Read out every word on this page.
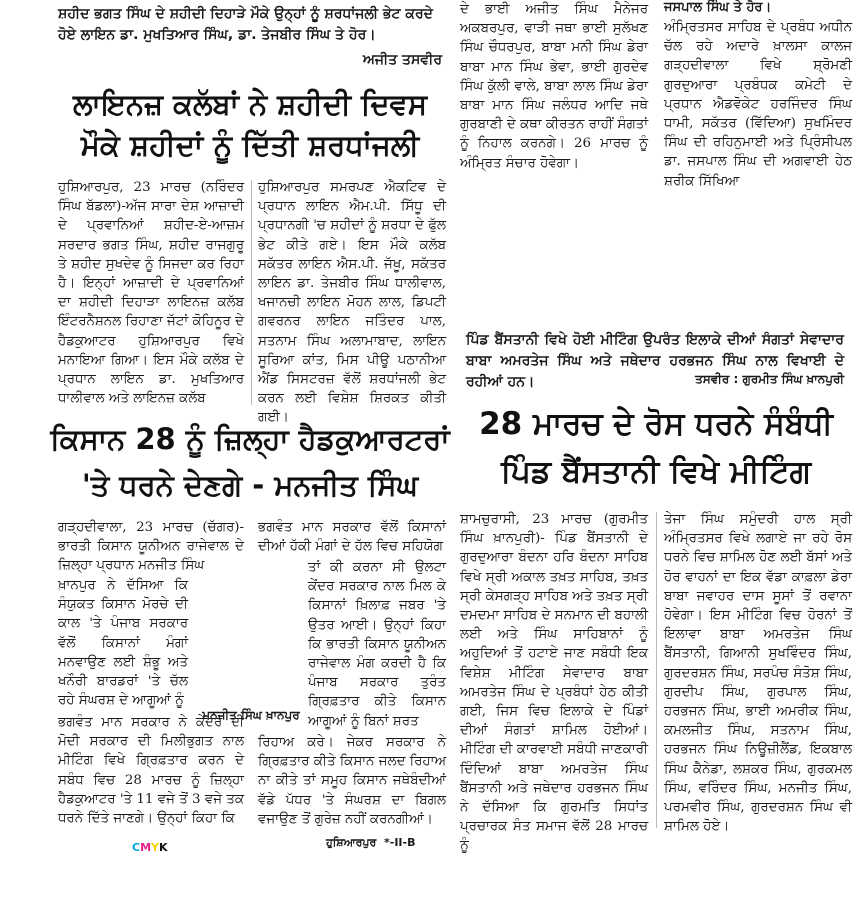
ਸ਼ਹੀਦ ਭਗਤ ਸਿੰਘ ਦੇ ਸ਼ਹੀਦੀ ਦਿਹਾੜੇ ਮੌਕੇ ਉਨ੍ਹਾਂ ਨੂੰ ਸ਼ਰਧਾਂਜਲੀ ਭੇਟ ਕਰਦੇ ਹੋਏ ਲਾਇਨ ਡਾ. ਮੁਖਤਿਆਰ ਸਿੰਘ, ਡਾ. ਤੇਜਬੀਰ ਸਿੰਘ ਤੇ ਹੋਰ।
ਅਜੀਤ ਤਸਵੀਰ
ਦੇ ਭਾਈ ਅਜੀਤ ਸਿੰਘ ਮੈਨੇਜਰ ਅਕਬਰਪੁਰ, ਵਾੜੀ ਜਥਾ ਭਾਈ ਸੁਲੱਖਣ ਸਿੰਘ ਚੌਧਰਪੁਰ, ਬਾਬਾ ਮਨੀ ਸਿੰਘ ਡੇਰਾ ਬਾਬਾ ਮਾਨ ਸਿੰਘ ਭੇਵਾ, ਭਾਈ ਗੁਰਦੇਵ ਸਿੰਘ ਕੁੱਲੀ ਵਾਲੇ, ਬਾਬਾ ਲਾਲ ਸਿੰਘ ਡੇਰਾ ਬਾਬਾ ਮਾਨ ਸਿੰਘ ਜਲੰਧਰ ਆਦਿ ਜਥੇ ਗੁਰਬਾਣੀ ਦੇ ਕਥਾ ਕੀਰਤਨ ਰਾਹੀਂ ਸੰਗਤਾਂ ਨੂੰ ਨਿਹਾਲ ਕਰਨਗੇ। 26 ਮਾਰਚ ਨੂੰ ਅੰਮ੍ਰਿਤ ਸੰਚਾਰ ਹੋਵੇਗਾ।
ਜਸਪਾਲ ਸਿੰਘ ਤੇ ਹੋਰ।
ਅੰਮ੍ਰਿਤਸਰ ਸਾਹਿਬ ਦੇ ਪ੍ਰਬੰਧ ਅਧੀਨ ਚੱਲ ਰਹੇ ਅਦਾਰੇ ਖ਼ਾਲਸਾ ਕਾਲਜ ਗੜ੍ਹਦੀਵਾਲਾ ਵਿਖੇ ਸ਼੍ਰੋਮਣੀ ਗੁਰਦੁਆਰਾ ਪ੍ਰਬੰਧਕ ਕਮੇਟੀ ਦੇ ਪ੍ਰਧਾਨ ਐਡਵੋਕੇਟ ਹਰਜਿੰਦਰ ਸਿੰਘ ਧਾਮੀ, ਸਕੱਤਰ (ਵਿੱਦਿਆ) ਸੁਖਮਿੰਦਰ ਸਿੰਘ ਦੀ ਰਹਿਨੁਮਾਈ ਅਤੇ ਪ੍ਰਿੰਸੀਪਲ ਡਾ. ਜਸਪਾਲ ਸਿੰਘ ਦੀ ਅਗਵਾਈ ਹੇਠ ਸ਼ਰੀਕ ਸਿੱਖਿਆ
ਲਾਇਨਜ਼ ਕਲੱਬਾਂ ਨੇ ਸ਼ਹੀਦੀ ਦਿਵਸ
ਮੌਕੇ ਸ਼ਹੀਦਾਂ ਨੂੰ ਦਿੱਤੀ ਸ਼ਰਧਾਂਜਲੀ
ਹੁਸ਼ਿਆਰਪੁਰ, 23 ਮਾਰਚ (ਨਰਿੰਦਰ ਸਿੰਘ ਬੱਡਲਾ)-ਅੱਜ ਸਾਰਾ ਦੇਸ਼ ਆਜ਼ਾਦੀ ਦੇ ਪ੍ਰਵਾਨਿਆਂ ਸ਼ਹੀਦ-ਏ-ਆਜ਼ਮ ਸਰਦਾਰ ਭਗਤ ਸਿੰਘ, ਸ਼ਹੀਦ ਰਾਜਗੁਰੂ ਤੇ ਸ਼ਹੀਦ ਸੁਖਦੇਵ ਨੂੰ ਸਿਜਦਾ ਕਰ ਰਿਹਾ ਹੈ। ਇਨ੍ਹਾਂ ਆਜ਼ਾਦੀ ਦੇ ਪ੍ਰਵਾਨਿਆਂ ਦਾ ਸ਼ਹੀਦੀ ਦਿਹਾੜਾ ਲਾਇਨਜ਼ ਕਲੱਬ ਇੰਟਰਨੈਸ਼ਨਲ ਰਿਹਾਣਾ ਜੱਟਾਂ ਕੋਹਿਨੂਰ ਦੇ ਹੈਡਕੁਆਟਰ ਹੁਸ਼ਿਆਰਪੁਰ ਵਿਖੇ ਮਨਾਇਆ ਗਿਆ। ਇਸ ਮੌਕੇ ਕਲੱਬ ਦੇ ਪ੍ਰਧਾਨ ਲਾਇਨ ਡਾ. ਮੁਖਤਿਆਰ ਧਾਲੀਵਾਲ ਅਤੇ ਲਾਇਨਜ਼ ਕਲੱਬ
ਹੁਸ਼ਿਆਰਪੁਰ ਸਮਰਪਣ ਐਕਟਿਵ ਦੇ ਪ੍ਰਧਾਨ ਲਾਇਨ ਐਮ.ਪੀ. ਸਿੱਧੂ ਦੀ ਪ੍ਰਧਾਨਗੀ 'ਚ ਸ਼ਹੀਦਾਂ ਨੂੰ ਸ਼ਰਧਾ ਦੇ ਫੁੱਲ ਭੇਟ ਕੀਤੇ ਗਏ। ਇਸ ਮੌਕੇ ਕਲੱਬ ਸਕੱਤਰ ਲਾਇਨ ਐਸ.ਪੀ. ਜੱਖੂ, ਸਕੱਤਰ ਲਾਇਨ ਡਾ. ਤੇਜਬੀਰ ਸਿੰਘ ਧਾਲੀਵਾਲ, ਖਜਾਨਚੀ ਲਾਇਨ ਮੋਹਨ ਲਾਲ, ਡਿਪਟੀ ਗਵਰਨਰ ਲਾਇਨ ਜਤਿੰਦਰ ਪਾਲ, ਸਤਨਾਮ ਸਿੰਘ ਅਲਾਮਾਬਾਦ, ਲਾਇਨ ਸੂਰਿਆ ਕਾਂਤ, ਮਿਸ ਪੀਊ ਪਠਾਨੀਆ ਐਂਡ ਸਿਸਟਰਜ਼ ਵੱਲੋਂ ਸ਼ਰਧਾਂਜਲੀ ਭੇਟ ਕਰਨ ਲਈ ਵਿਸ਼ੇਸ਼ ਸ਼ਿਰਕਤ ਕੀਤੀ ਗਈ।
ਕਿਸਾਨ 28 ਨੂੰ ਜ਼ਿਲ੍ਹਾ ਹੈਡਕੁਆਰਟਰਾਂ
'ਤੇ ਧਰਨੇ ਦੇਣਗੇ - ਮਨਜੀਤ ਸਿੰਘ
ਗੜ੍ਹਦੀਵਾਲਾ, 23 ਮਾਰਚ (ਚੱਗਰ)- ਭਾਰਤੀ ਕਿਸਾਨ ਯੂਨੀਅਨ ਰਾਜੇਵਾਲ ਦੇ ਜ਼ਿਲ੍ਹਾ ਪ੍ਰਧਾਨ ਮਨਜੀਤ ਸਿੰਘ
ਖ਼ਾਨਪੁਰ ਨੇ ਦੱਸਿਆ ਕਿ ਸੰਯੁਕਤ ਕਿਸਾਨ ਮੋਰਚੇ ਦੀ ਕਾਲ 'ਤੇ ਪੰਜਾਬ ਸਰਕਾਰ ਵੱਲੋਂ ਕਿਸਾਨਾਂ ਮੰਗਾਂ ਮਨਵਾਉਣ ਲਈ ਸ਼ੰਭੂ ਅਤੇ ਖਨੌਰੀ ਬਾਰਡਰਾਂ 'ਤੇ ਚੱਲ ਰਹੇ ਸੰਘਰਸ਼ ਦੇ ਆਗੂਆਂ ਨੂੰ
ਭਗਵੰਤ ਮਾਨ ਸਰਕਾਰ ਨੇ ਕੇਂਦਰ ਦੀ ਮੋਦੀ ਸਰਕਾਰ ਦੀ ਮਿਲੀਭੁਗਤ ਨਾਲ ਮੀਟਿੰਗ ਵਿਖੇ ਗ੍ਰਿਫ਼ਤਾਰ ਕਰਨ ਦੇ ਸਬੰਧ ਵਿਚ 28 ਮਾਰਚ ਨੂੰ ਜ਼ਿਲ੍ਹਾ ਹੈਡਕੁਆਟਰ 'ਤੇ 11 ਵਜੇ ਤੋਂ 3 ਵਜੇ ਤਕ ਧਰਨੇ ਦਿੱਤੇ ਜਾਣਗੇ। ਉਨ੍ਹਾਂ ਕਿਹਾ ਕਿ
ਮਨਜੀਤ ਸਿੰਘ ਖ਼ਾਨਪੁਰ
ਭਗਵੰਤ ਮਾਨ ਸਰਕਾਰ ਵੱਲੋਂ ਕਿਸਾਨਾਂ ਦੀਆਂ ਹੱਕੀ ਮੰਗਾਂ ਦੇ ਹੱਲ ਵਿਚ ਸਹਿਯੋਗ
ਤਾਂ ਕੀ ਕਰਨਾ ਸੀ ਉਲਟਾ ਕੇਂਦਰ ਸਰਕਾਰ ਨਾਲ ਮਿਲ ਕੇ ਕਿਸਾਨਾਂ ਖ਼ਿਲਾਫ਼ ਜਬਰ 'ਤੇ ਉਤਰ ਆਈ। ਉਨ੍ਹਾਂ ਕਿਹਾ ਕਿ ਭਾਰਤੀ ਕਿਸਾਨ ਯੂਨੀਅਨ ਰਾਜੇਵਾਲ ਮੰਗ ਕਰਦੀ ਹੈ ਕਿ ਪੰਜਾਬ ਸਰਕਾਰ ਤੁਰੰਤ ਗ੍ਰਿਫ਼ਤਾਰ ਕੀਤੇ ਕਿਸਾਨ ਆਗੂਆਂ ਨੂੰ ਬਿਨਾਂ ਸ਼ਰਤ
ਰਿਹਾਅ ਕਰੇ। ਜੇਕਰ ਸਰਕਾਰ ਨੇ ਗ੍ਰਿਫ਼ਤਾਰ ਕੀਤੇ ਕਿਸਾਨ ਜਲਦ ਰਿਹਾਅ ਨਾ ਕੀਤੇ ਤਾਂ ਸਮੂਹ ਕਿਸਾਨ ਜਥੇਬੰਦੀਆਂ ਵੱਡੇ ਪੱਧਰ 'ਤੇ ਸੰਘਰਸ਼ ਦਾ ਬਿਗਲ ਵਜਾਉਣ ਤੋਂ ਗੁਰੇਜ਼ ਨਹੀਂ ਕਰਨਗੀਆਂ।
ਪਿੰਡ ਬੈਂਸਤਾਨੀ ਵਿਖੇ ਹੋਈ ਮੀਟਿੰਗ ਉਪਰੰਤ ਇਲਾਕੇ ਦੀਆਂ ਸੰਗਤਾਂ ਸੇਵਾਦਾਰ ਬਾਬਾ ਅਮਰਤੇਜ ਸਿੰਘ ਅਤੇ ਜਥੇਦਾਰ ਹਰਭਜਨ ਸਿੰਘ ਨਾਲ ਵਿਖਾਈ ਦੇ ਰਹੀਆਂ ਹਨ।	ਤਸਵੀਰ : ਗੁਰਮੀਤ ਸਿੰਘ ਖ਼ਾਨਪੁਰੀ
28 ਮਾਰਚ ਦੇ ਰੋਸ ਧਰਨੇ ਸੰਬੰਧੀ
ਪਿੰਡ ਬੈਂਸਤਾਨੀ ਵਿਖੇ ਮੀਟਿੰਗ
ਸ਼ਾਮਚੁਰਾਸੀ, 23 ਮਾਰਚ (ਗੁਰਮੀਤ ਸਿੰਘ ਖ਼ਾਨਪੁਰੀ)- ਪਿੰਡ ਬੈਂਸਤਾਨੀ ਦੇ ਗੁਰਦੁਆਰਾ ਬੰਦਨਾ ਹਰਿ ਬੰਦਨਾ ਸਾਹਿਬ ਵਿਖੇ ਸ੍ਰੀ ਅਕਾਲ ਤਖ਼ਤ ਸਾਹਿਬ, ਤਖ਼ਤ ਸ੍ਰੀ ਕੇਸਗੜ੍ਹ ਸਾਹਿਬ ਅਤੇ ਤਖ਼ਤ ਸ੍ਰੀ ਦਮਦਮਾ ਸਾਹਿਬ ਦੇ ਸਨਮਾਨ ਦੀ ਬਹਾਲੀ ਲਈ ਅਤੇ ਸਿੰਘ ਸਾਹਿਬਾਨਾਂ ਨੂੰ ਅਹੁਦਿਆਂ ਤੋਂ ਹਟਾਏ ਜਾਣ ਸਬੰਧੀ ਇਕ ਵਿਸ਼ੇਸ਼ ਮੀਟਿੰਗ ਸੇਵਾਦਾਰ ਬਾਬਾ ਅਮਰਤੇਜ ਸਿੰਘ ਦੇ ਪ੍ਰਬੰਧਾਂ ਹੇਠ ਕੀਤੀ ਗਈ, ਜਿਸ ਵਿਚ ਇਲਾਕੇ ਦੇ ਪਿੰਡਾਂ ਦੀਆਂ ਸੰਗਤਾਂ ਸ਼ਾਮਿਲ ਹੋਈਆਂ। ਮੀਟਿੰਗ ਦੀ ਕਾਰਵਾਈ ਸਬੰਧੀ ਜਾਣਕਾਰੀ ਦਿੰਦਿਆਂ ਬਾਬਾ ਅਮਰਤੇਜ ਸਿੰਘ ਬੈਂਸਤਾਨੀ ਅਤੇ ਜਥੇਦਾਰ ਹਰਭਜਨ ਸਿੰਘ ਨੇ ਦੱਸਿਆ ਕਿ ਗੁਰਮਤਿ ਸਿਧਾਂਤ ਪ੍ਰਚਾਰਕ ਸੰਤ ਸਮਾਜ ਵੱਲੋਂ 28 ਮਾਰਚ ਨੂੰ
ਤੇਜਾ ਸਿੰਘ ਸਮੁੰਦਰੀ ਹਾਲ ਸ੍ਰੀ ਅੰਮ੍ਰਿਤਸਰ ਵਿਖੇ ਲਗਾਏ ਜਾ ਰਹੇ ਰੋਸ ਧਰਨੇ ਵਿਚ ਸ਼ਾਮਿਲ ਹੋਣ ਲਈ ਬੱਸਾਂ ਅਤੇ ਹੋਰ ਵਾਹਨਾਂ ਦਾ ਇਕ ਵੱਡਾ ਕਾਫ਼ਲਾ ਡੇਰਾ ਬਾਬਾ ਜਵਾਹਰ ਦਾਸ ਸੂਸਾਂ ਤੋਂ ਰਵਾਨਾ ਹੋਵੇਗਾ। ਇਸ ਮੀਟਿੰਗ ਵਿਚ ਹੋਰਨਾਂ ਤੋਂ ਇਲਾਵਾ ਬਾਬਾ ਅਮਰਤੇਜ ਸਿੰਘ ਬੈਂਸਤਾਨੀ, ਗਿਆਨੀ ਸੁਖਵਿੰਦਰ ਸਿੰਘ, ਗੁਰਦਰਸ਼ਨ ਸਿੰਘ, ਸਰਪੰਚ ਸੰਤੋਸ਼ ਸਿੰਘ, ਗੁਰਦੀਪ ਸਿੰਘ, ਗੁਰਪਾਲ ਸਿੰਘ, ਹਰਭਜਨ ਸਿੰਘ, ਭਾਈ ਅਮਰੀਕ ਸਿੰਘ, ਕਮਲਜੀਤ ਸਿੰਘ, ਸਤਨਾਮ ਸਿੰਘ, ਹਰਭਜਨ ਸਿੰਘ ਨਿਊਜ਼ੀਲੈਂਡ, ਇਕਬਾਲ ਸਿੰਘ ਕੈਨੇਡਾ, ਲਸ਼ਕਰ ਸਿੰਘ, ਗੁਰਕਮਲ ਸਿੰਘ, ਵਰਿੰਦਰ ਸਿੰਘ, ਮਨਜੀਤ ਸਿੰਘ, ਪਰਮਵੀਰ ਸਿੰਘ, ਗੁਰਦਰਸ਼ਨ ਸਿੰਘ ਵੀ ਸ਼ਾਮਿਲ ਹੋਏ।
CMYK	ਹੁਸ਼ਿਆਰਪੁਰ *-II-B
